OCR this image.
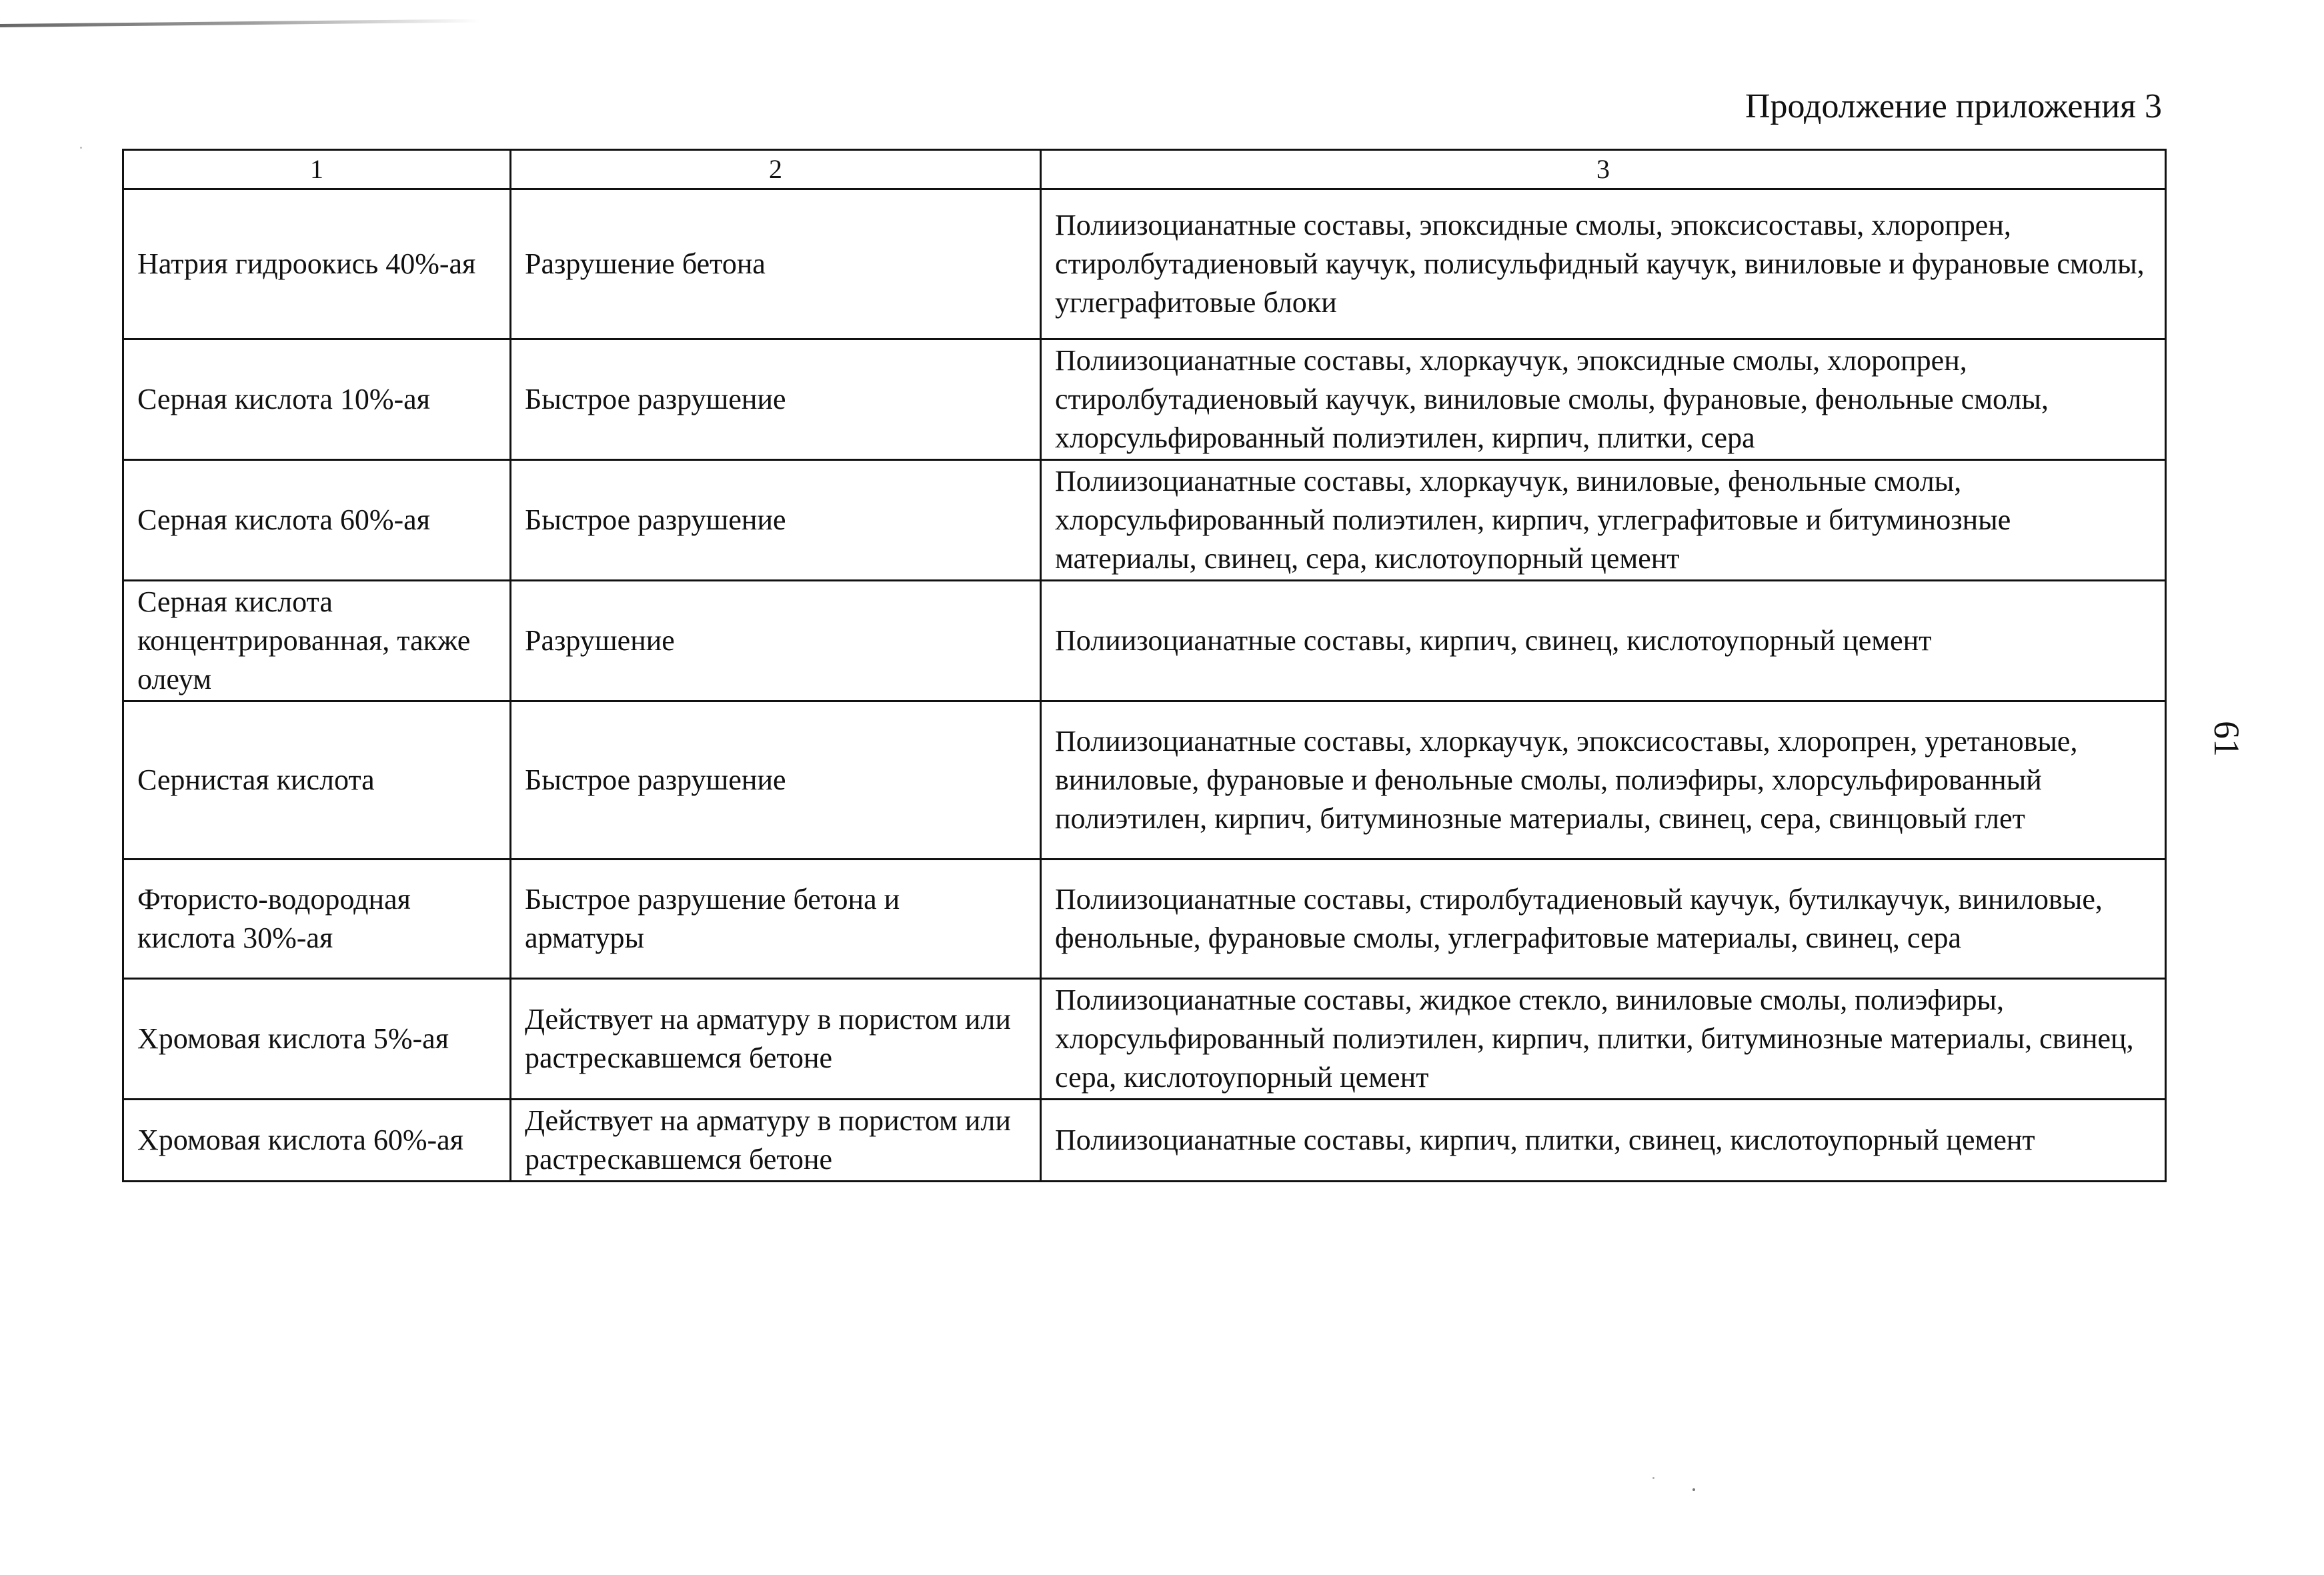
Продолжение приложения 3
61
1	2	3
Натрия гидроокись 40%-ая	Разрушение бетона	Полиизоцианатные составы, эпоксидные смолы, эпоксисоставы, хлоропрен, стиролбутадиеновый каучук, полисульфидный каучук, виниловые и фурановые смолы, углеграфитовые блоки
Серная кислота 10%-ая	Быстрое разрушение	Полиизоцианатные составы, хлоркаучук, эпоксидные смолы, хлоропрен, стиролбутадиеновый каучук, виниловые смолы, фурановые, фенольные смолы, хлорсульфированный полиэтилен, кирпич, плитки, сера
Серная кислота 60%-ая	Быстрое разрушение	Полиизоцианатные составы, хлоркаучук, виниловые, фенольные смолы, хлорсульфированный полиэтилен, кирпич, углеграфитовые и битуминозные материалы, свинец, сера, кислотоупорный цемент
Серная кислота концентрированная, также олеум	Разрушение	Полиизоцианатные составы, кирпич, свинец, кислотоупорный цемент
Сернистая кислота	Быстрое разрушение	Полиизоцианатные составы, хлоркаучук, эпоксисоставы, хлоропрен, уретановые, виниловые, фурановые и фенольные смолы, полиэфиры, хлорсульфированный полиэтилен, кирпич, битуминозные материалы, свинец, сера, свинцовый глет
Фтористо-водородная кислота 30%-ая	Быстрое разрушение бетона и арматуры	Полиизоцианатные составы, стиролбутадиеновый каучук, бутилкаучук, виниловые, фенольные, фурановые смолы, углеграфитовые материалы, свинец, сера
Хромовая кислота 5%-ая	Действует на арматуру в пористом или растрескавшемся бетоне	Полиизоцианатные составы, жидкое стекло, виниловые смолы, полиэфиры, хлорсульфированный полиэтилен, кирпич, плитки, битуминозные материалы, свинец, сера, кислотоупорный цемент
Хромовая кислота 60%-ая	Действует на арматуру в пористом или растрескавшемся бетоне	Полиизоцианатные составы, кирпич, плитки, свинец, кислотоупорный цемент
